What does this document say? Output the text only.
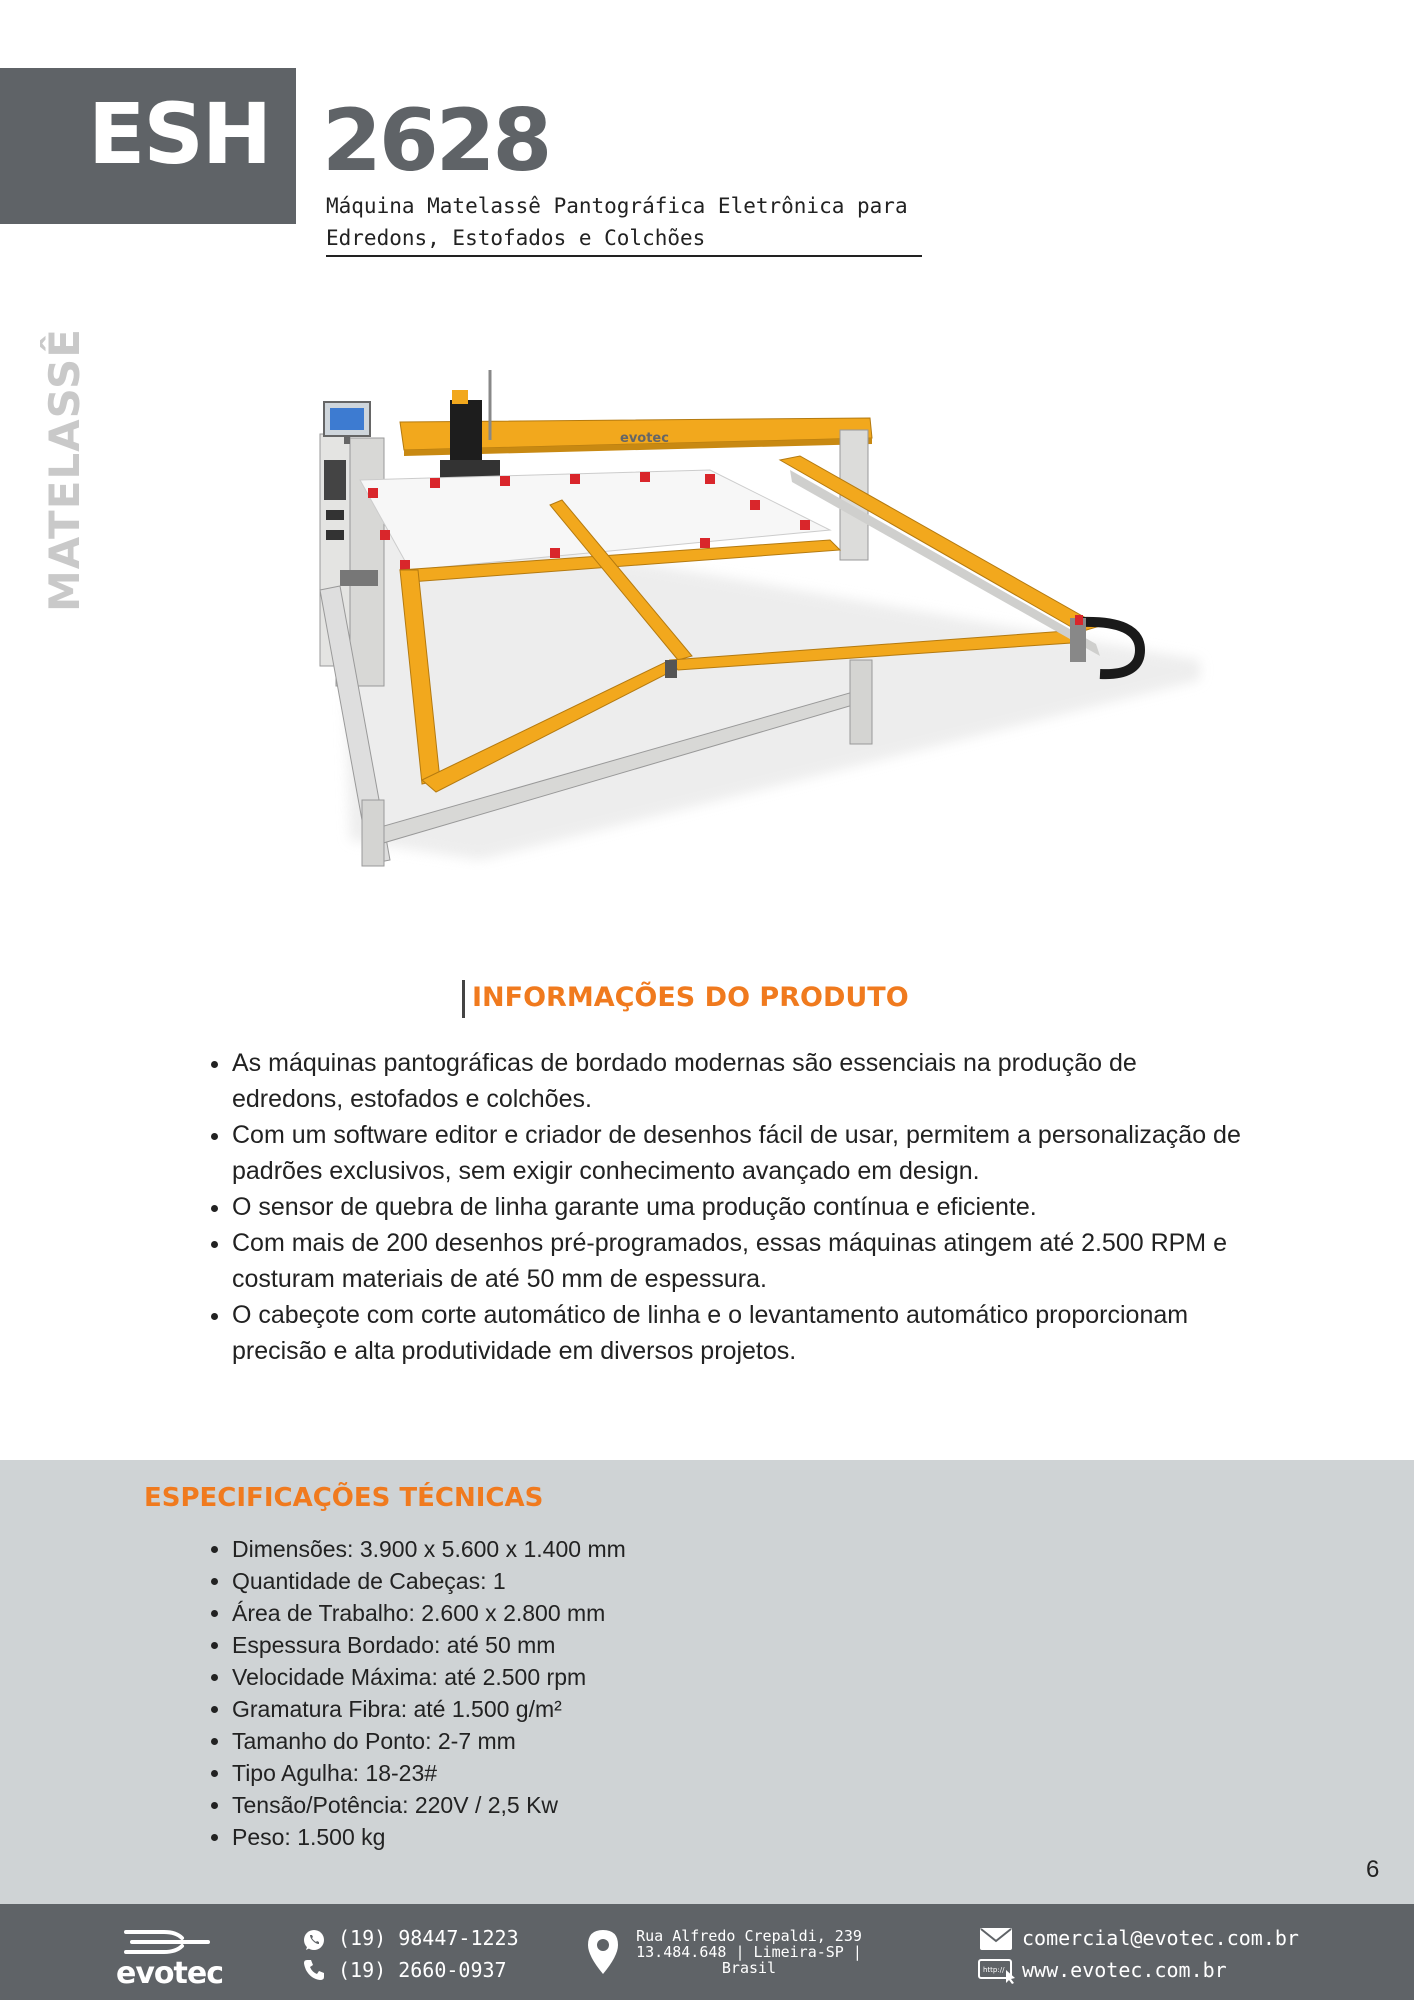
ESH 2628
Máquina Matelassê Pantográfica Eletrônica para
Edredons, Estofados e Colchões
MATELASSÊ	evotec
INFORMAÇÕES DO PRODUTO
• As máquinas pantográficas de bordado modernas são essenciais na produção de edredons, estofados e colchões.
• Com um software editor e criador de desenhos fácil de usar, permitem a personalização de padrões exclusivos, sem exigir conhecimento avançado em design.
• O sensor de quebra de linha garante uma produção contínua e eficiente.
• Com mais de 200 desenhos pré-programados, essas máquinas atingem até 2.500 RPM e costuram materiais de até 50 mm de espessura.
• O cabeçote com corte automático de linha e o levantamento automático proporcionam precisão e alta produtividade em diversos projetos.
ESPECIFICAÇÕES TÉCNICAS
• Dimensões: 3.900 x 5.600 x 1.400 mm
• Quantidade de Cabeças: 1
• Área de Trabalho: 2.600 x 2.800 mm
• Espessura Bordado: até 50 mm
• Velocidade Máxima: até 2.500 rpm
• Gramatura Fibra: até 1.500 g/m²
• Tamanho do Ponto: 2-7 mm
• Tipo Agulha: 18-23#
• Tensão/Potência: 220V / 2,5 Kw
• Peso: 1.500 kg
6
evotec
(19) 98447-1223
(19) 2660-0937
Rua Alfredo Crepaldi, 239
13.484.648 | Limeira-SP |
Brasil
comercial@evotec.com.br
http:// www.evotec.com.br
